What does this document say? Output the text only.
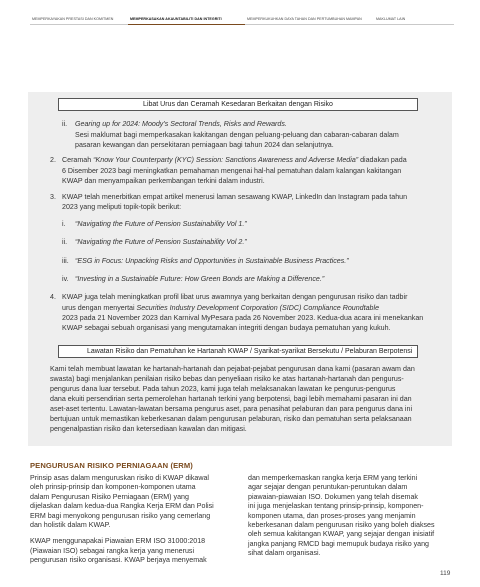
MEMPERKAYAKAN PRESTASI DAN KOMITMEN	MEMPERKASAKAN AKAUNTABILITI DAN INTEGRITI	MEMPERKUKUHKAN DAYA TAHAN DAN PERTUMBUHAN MAMPAN	MAKLUMAT LAIN
Libat Urus dan Ceramah Kesedaran Berkaitan dengan Risiko
ii. Gearing up for 2024: Moody’s Sectoral Trends, Risks and Rewards.
Sesi maklumat bagi memperkasakan kakitangan dengan peluang-peluang dan cabaran-cabaran dalam
pasaran kewangan dan persekitaran perniagaan bagi tahun 2024 dan selanjutnya.
2. Ceramah “Know Your Counterparty (KYC) Session: Sanctions Awareness and Adverse Media” diadakan pada
6 Disember 2023 bagi meningkatkan pemahaman mengenai hal-hal pematuhan dalam kalangan kakitangan
KWAP dan menyampaikan perkembangan terkini dalam industri.
3. KWAP telah menerbitkan empat artikel menerusi laman sesawang KWAP, LinkedIn dan Instagram pada tahun
2023 yang meliputi topik-topik berikut:
i. “Navigating the Future of Pension Sustainability Vol 1.”
ii. “Navigating the Future of Pension Sustainability Vol 2.”
iii. “ESG in Focus: Unpacking Risks and Opportunities in Sustainable Business Practices.”
iv. “Investing in a Sustainable Future: How Green Bonds are Making a Difference.”
4. KWAP juga telah meningkatkan profil libat urus awamnya yang berkaitan dengan pengurusan risiko dan tadbir
urus dengan menyertai Securities Industry Development Corporation (SIDC) Compliance Roundtable
2023 pada 21 November 2023 dan Karnival MyPesara pada 26 November 2023. Kedua-dua acara ini menekankan
KWAP sebagai sebuah organisasi yang mengutamakan integriti dengan budaya pematuhan yang kukuh.
Lawatan Risiko dan Pematuhan ke Hartanah KWAP / Syarikat-syarikat Bersekutu / Pelaburan Berpotensi
Kami telah membuat lawatan ke hartanah-hartanah dan pejabat-pejabat pengurusan dana kami (pasaran awam dan
swasta) bagi menjalankan penilaian risiko bebas dan penyeliaan risiko ke atas hartanah-hartanah dan pengurus-
pengurus dana luar tersebut. Pada tahun 2023, kami juga telah melaksanakan lawatan ke pengurus-pengurus
dana ekuiti persendirian serta pemerolehan hartanah terkini yang berpotensi, bagi lebih memahami pasaran ini dan
aset-aset tertentu. Lawatan-lawatan bersama pengurus aset, para penasihat pelaburan dan para pengurus dana ini
bertujuan untuk memastikan keberkesanan dalam pengurusan pelaburan, risiko dan pematuhan serta pelaksanaan
pengenalpastian risiko dan ketersediaan kawalan dan mitigasi.
PENGURUSAN RISIKO PERNIAGAAN (ERM)
Prinsip asas dalam menguruskan risiko di KWAP dikawal
oleh prinsip-prinsip dan komponen-komponen utama
dalam Pengurusan Risiko Perniagaan (ERM) yang
dijelaskan dalam kedua-dua Rangka Kerja ERM dan Polisi
ERM bagi menyokong pengurusan risiko yang cemerlang
dan holistik dalam KWAP.
KWAP menggunapakai Piawaian ERM ISO 31000:2018
(Piawaian ISO) sebagai rangka kerja yang menerusi
pengurusan risiko organisasi. KWAP berjaya menyemak
dan memperkemaskan rangka kerja ERM yang terkini
agar sejajar dengan peruntukan-peruntukan dalam
piawaian-piawaian ISO. Dokumen yang telah disemak
ini juga menjelaskan tentang prinsip-prinsip, komponen-
komponen utama, dan proses-proses yang menjamin
keberkesanan dalam pengurusan risiko yang boleh diakses
oleh semua kakitangan KWAP, yang sejajar dengan inisiatif
jangka panjang RMCD bagi memupuk budaya risiko yang
sihat dalam organisasi.
119
